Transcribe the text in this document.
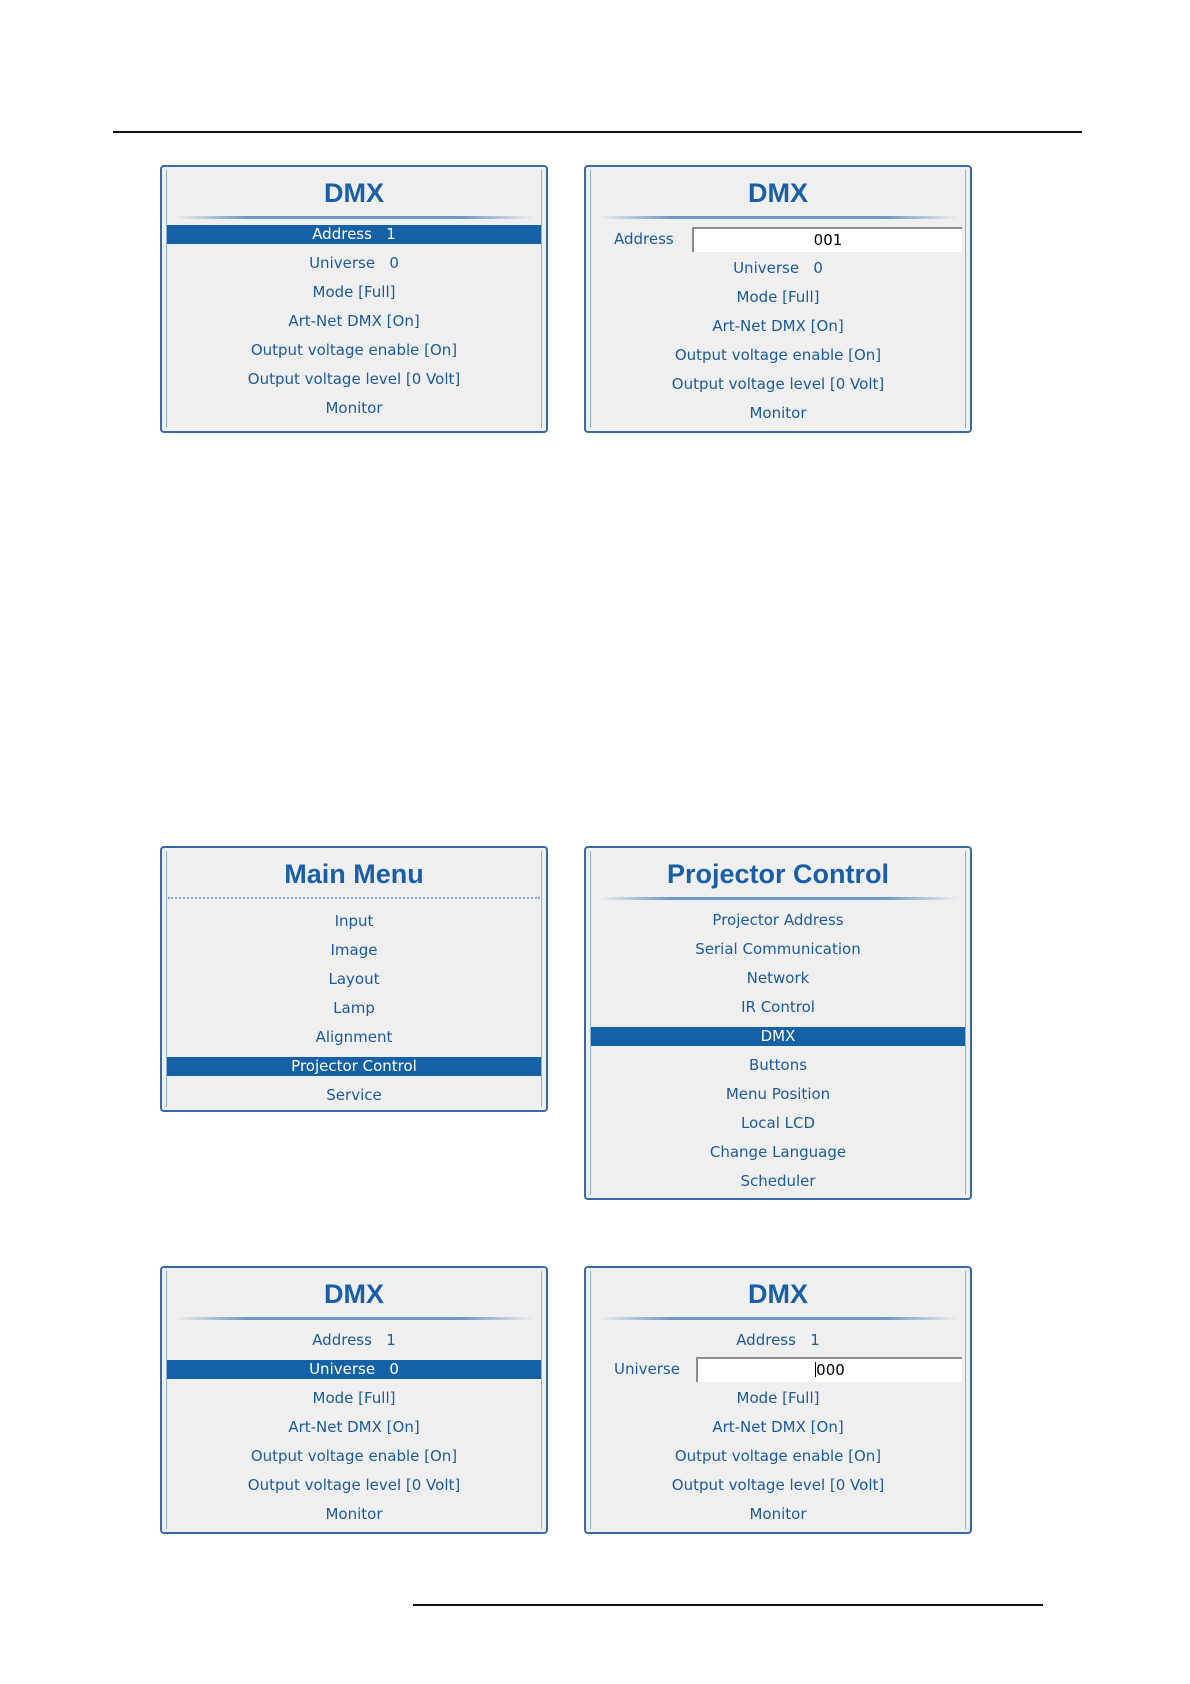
DMX
Address 1
Universe 0
Mode [Full]
Art-Net DMX [On]
Output voltage enable [On]
Output voltage level [0 Volt]
Monitor
DMX
Address	001
Universe 0
Mode [Full]
Art-Net DMX [On]
Output voltage enable [On]
Output voltage level [0 Volt]
Monitor
Main Menu
Input
Image
Layout
Lamp
Alignment
Projector Control
Service
Projector Control
Projector Address
Serial Communication
Network
IR Control
DMX
Buttons
Menu Position
Local LCD
Change Language
Scheduler
DMX
Address 1
Universe 0
Mode [Full]
Art-Net DMX [On]
Output voltage enable [On]
Output voltage level [0 Volt]
Monitor
DMX
Address 1
Universe	000
Mode [Full]
Art-Net DMX [On]
Output voltage enable [On]
Output voltage level [0 Volt]
Monitor
